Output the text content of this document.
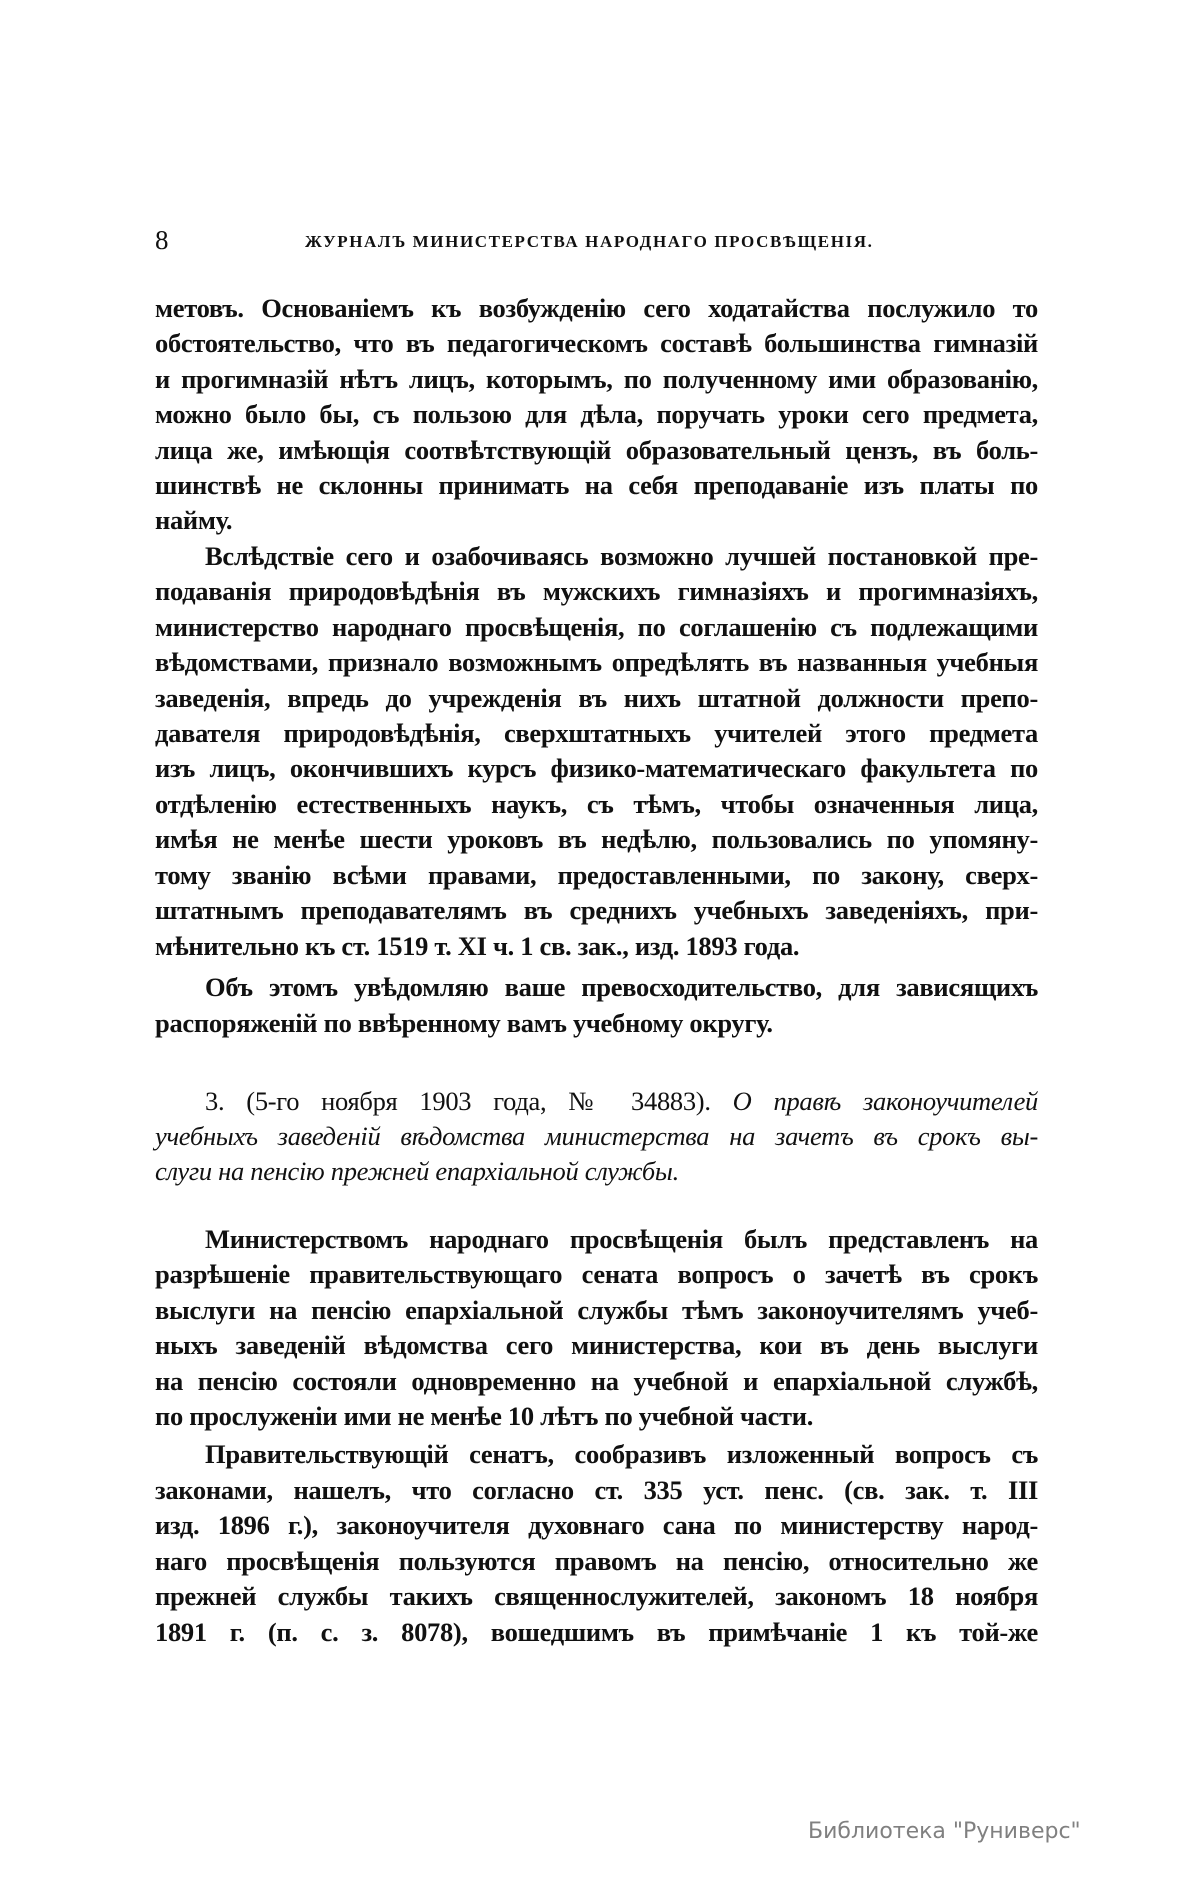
8	ЖУРНАЛЪ МИНИСТЕРСТВА НАРОДНАГО ПРОСВѢЩЕНІЯ.
метовъ. Основаніемъ къ возбужденію сего ходатайства послужило то
обстоятельство, что въ педагогическомъ составѣ большинства гимназій
и прогимназій нѣтъ лицъ, которымъ, по полученному ими образованію,
можно было бы, съ пользою для дѣла, поручать уроки сего предмета,
лица же, имѣющія соотвѣтствующій образовательный цензъ, въ боль-
шинствѣ не склонны принимать на себя преподаваніе изъ платы по
найму.
Вслѣдствіе сего и озабочиваясь возможно лучшей постановкой пре-
подаванія природовѣдѣнія въ мужскихъ гимназіяхъ и прогимназіяхъ,
министерство народнаго просвѣщенія, по соглашенію съ подлежащими
вѣдомствами, признало возможнымъ опредѣлять въ названныя учебныя
заведенія, впредь до учрежденія въ нихъ штатной должности препо-
давателя природовѣдѣнія, сверхштатныхъ учителей этого предмета
изъ лицъ, окончившихъ курсъ физико-математическаго факультета по
отдѣленію естественныхъ наукъ, съ тѣмъ, чтобы означенныя лица,
имѣя не менѣе шести уроковъ въ недѣлю, пользовались по упомяну-
тому званію всѣми правами, предоставленными, по закону, сверх-
штатнымъ преподавателямъ въ среднихъ учебныхъ заведеніяхъ, при-
мѣнительно къ ст. 1519 т. XI ч. 1 св. зак., изд. 1893 года.
Объ этомъ увѣдомляю ваше превосходительство, для зависящихъ
распоряженій по ввѣренному вамъ учебному округу.
3. (5-го ноября 1903 года, № 34883). О правѣ законоучителей
учебныхъ заведеній вѣдомства министерства на зачетъ въ срокъ вы-
слуги на пенсію прежней епархіальной службы.
Министерствомъ народнаго просвѣщенія былъ представленъ на
разрѣшеніе правительствующаго сената вопросъ о зачетѣ въ срокъ
выслуги на пенсію епархіальной службы тѣмъ законоучителямъ учеб-
ныхъ заведеній вѣдомства сего министерства, кои въ день выслуги
на пенсію состояли одновременно на учебной и епархіальной службѣ,
по прослуженіи ими не менѣе 10 лѣтъ по учебной части.
Правительствующій сенатъ, сообразивъ изложенный вопросъ съ
законами, нашелъ, что согласно ст. 335 уст. пенс. (св. зак. т. III
изд. 1896 г.), законоучителя духовнаго сана по министерству народ-
наго просвѣщенія пользуются правомъ на пенсію, относительно же
прежней службы такихъ священнослужителей, закономъ 18 ноября
1891 г. (п. с. з. 8078), вошедшимъ въ примѣчаніе 1 къ той-же
Библиотека "Руниверс"
